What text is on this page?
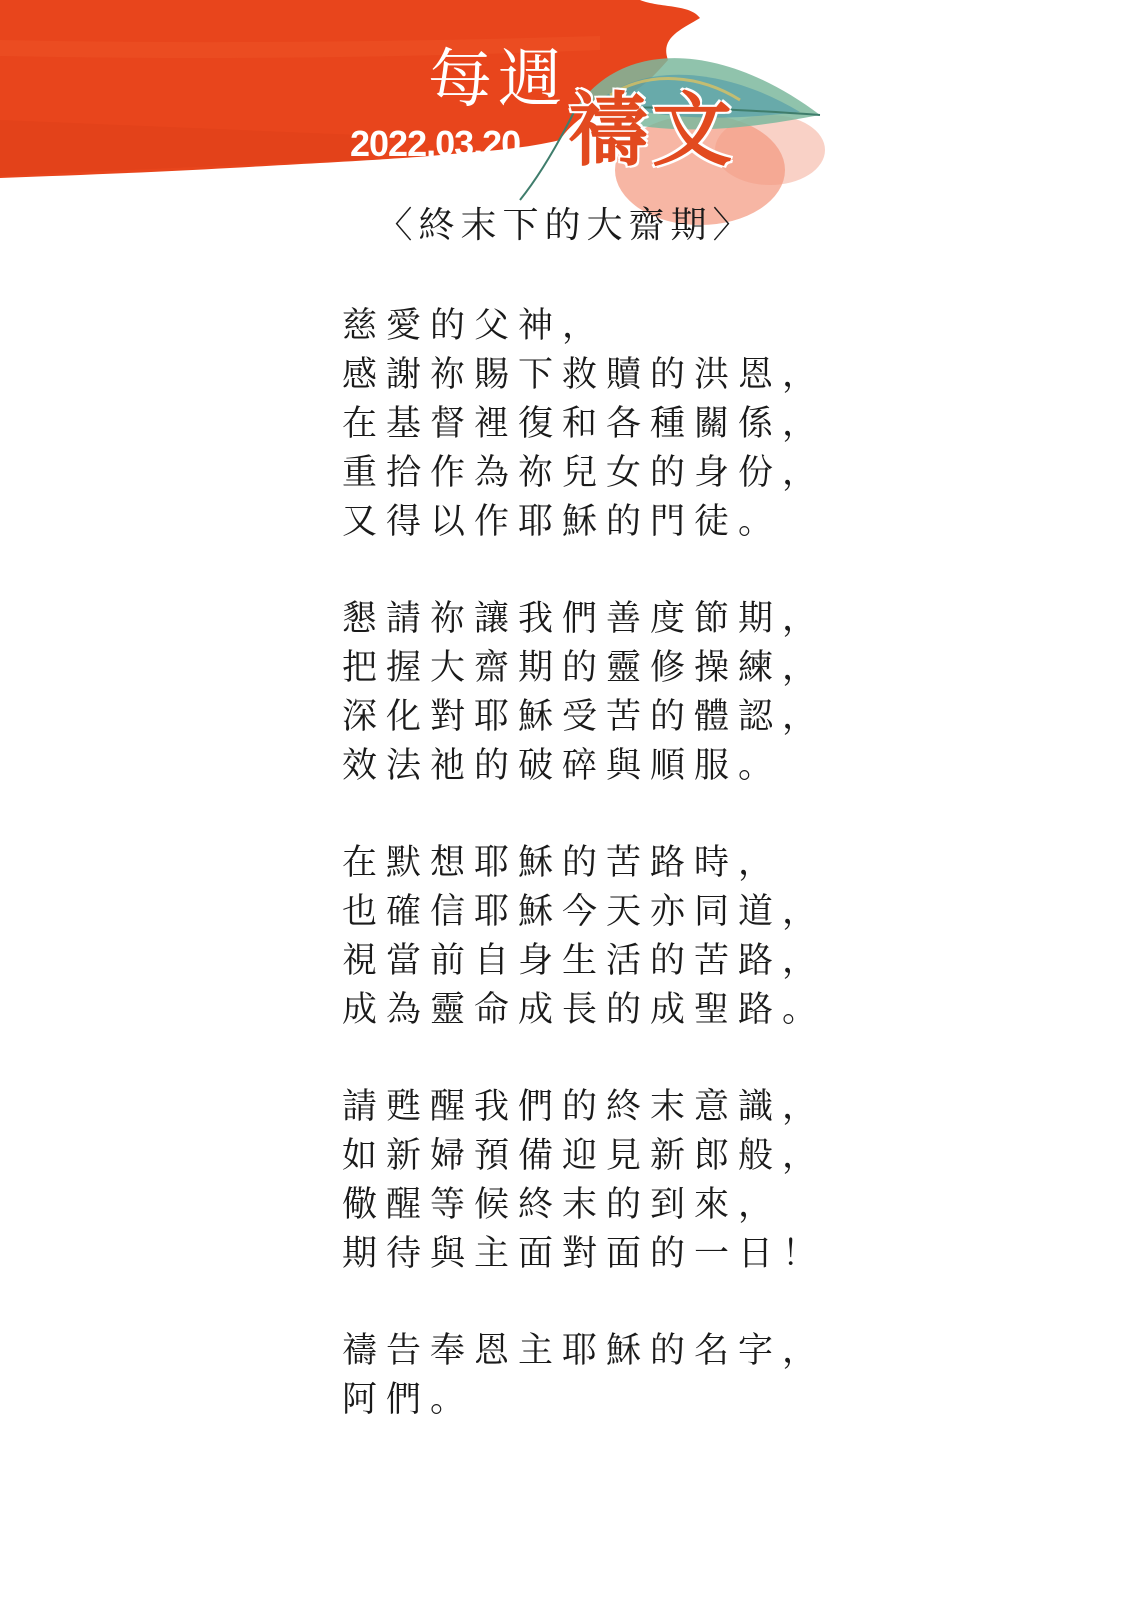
每週
2022.03.20 禱文
〈終末下的大齋期〉
慈愛的父神，
感謝祢賜下救贖的洪恩，
在基督裡復和各種關係，
重拾作為祢兒女的身份，
又得以作耶穌的門徒。
懇請祢讓我們善度節期，
把握大齋期的靈修操練，
深化對耶穌受苦的體認，
效法祂的破碎與順服。
在默想耶穌的苦路時，
也確信耶穌今天亦同道，
視當前自身生活的苦路，
成為靈命成長的成聖路。
請甦醒我們的終末意識，
如新婦預備迎見新郎般，
儆醒等候終末的到來，
期待與主面對面的一日！
禱告奉恩主耶穌的名字，
阿們。
